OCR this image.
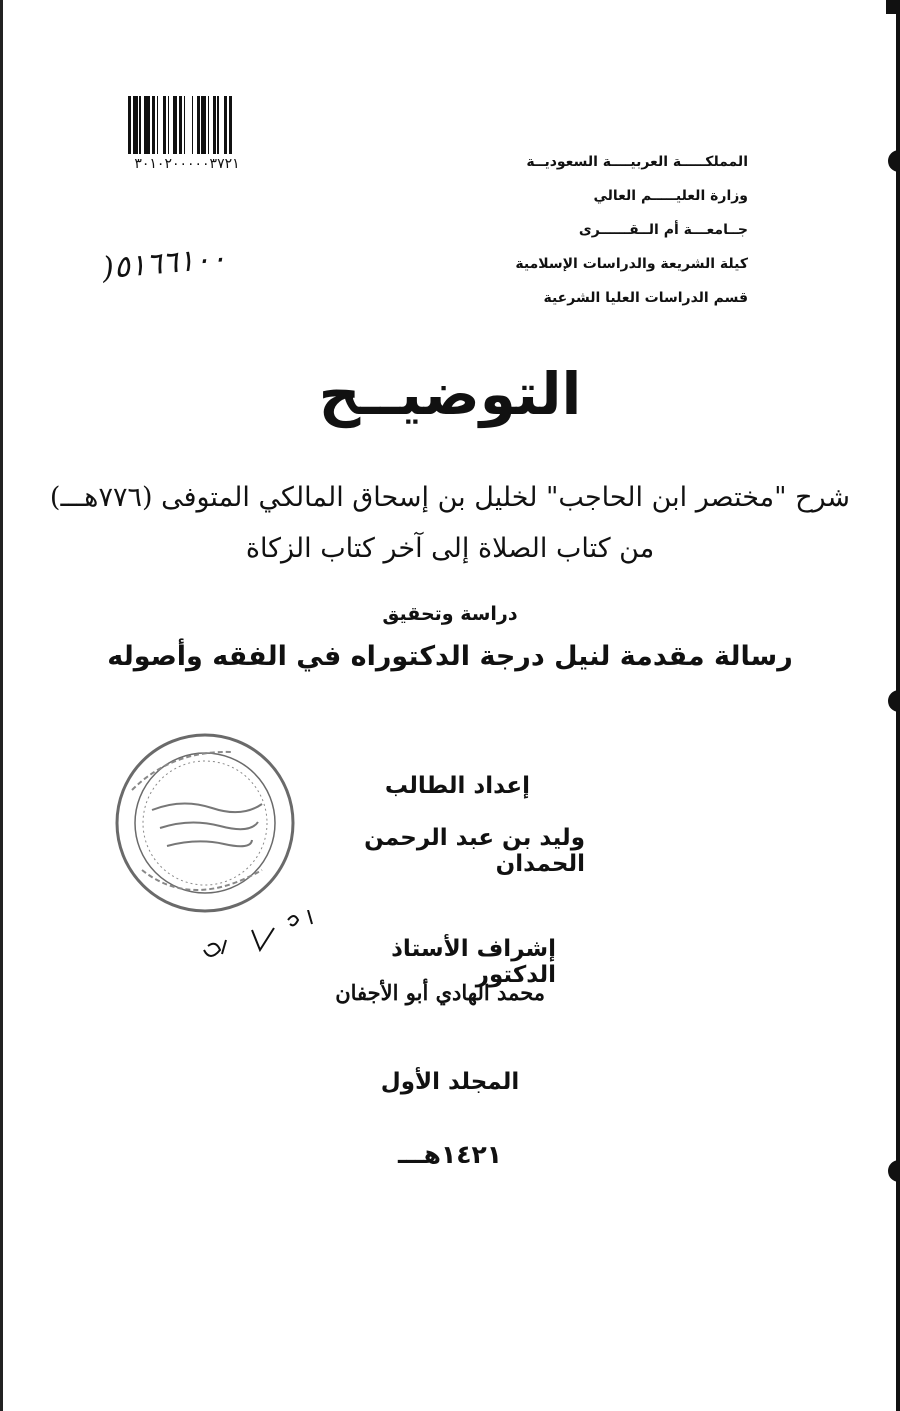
٣٠١٠٢٠٠٠٠٠٣٧٢١
٥١٦٦١٠٠(
المملكـــــة العربيــــة السعوديــة
وزارة العليـــــم العالي
جــامعـــة أم الــقــــــرى
كيلة الشريعة والدراسات الإسلامية
قسم الدراسات العليا الشرعية
التوضيــح
شرح "مختصر ابن الحاجب" لخليل بن إسحاق المالكي المتوفى (٧٧٦هـــ)
من كتاب الصلاة إلى آخر كتاب الزكاة
دراسة وتحقيق
رسالة مقدمة لنيل درجة الدكتوراه في الفقه وأصوله
إعداد الطالب
وليد بن عبد الرحمن الحمدان
إشراف الأستاذ الدكتور
محمد الهادي أبو الأجفان
المجلد الأول
١٤٢١هـــ
